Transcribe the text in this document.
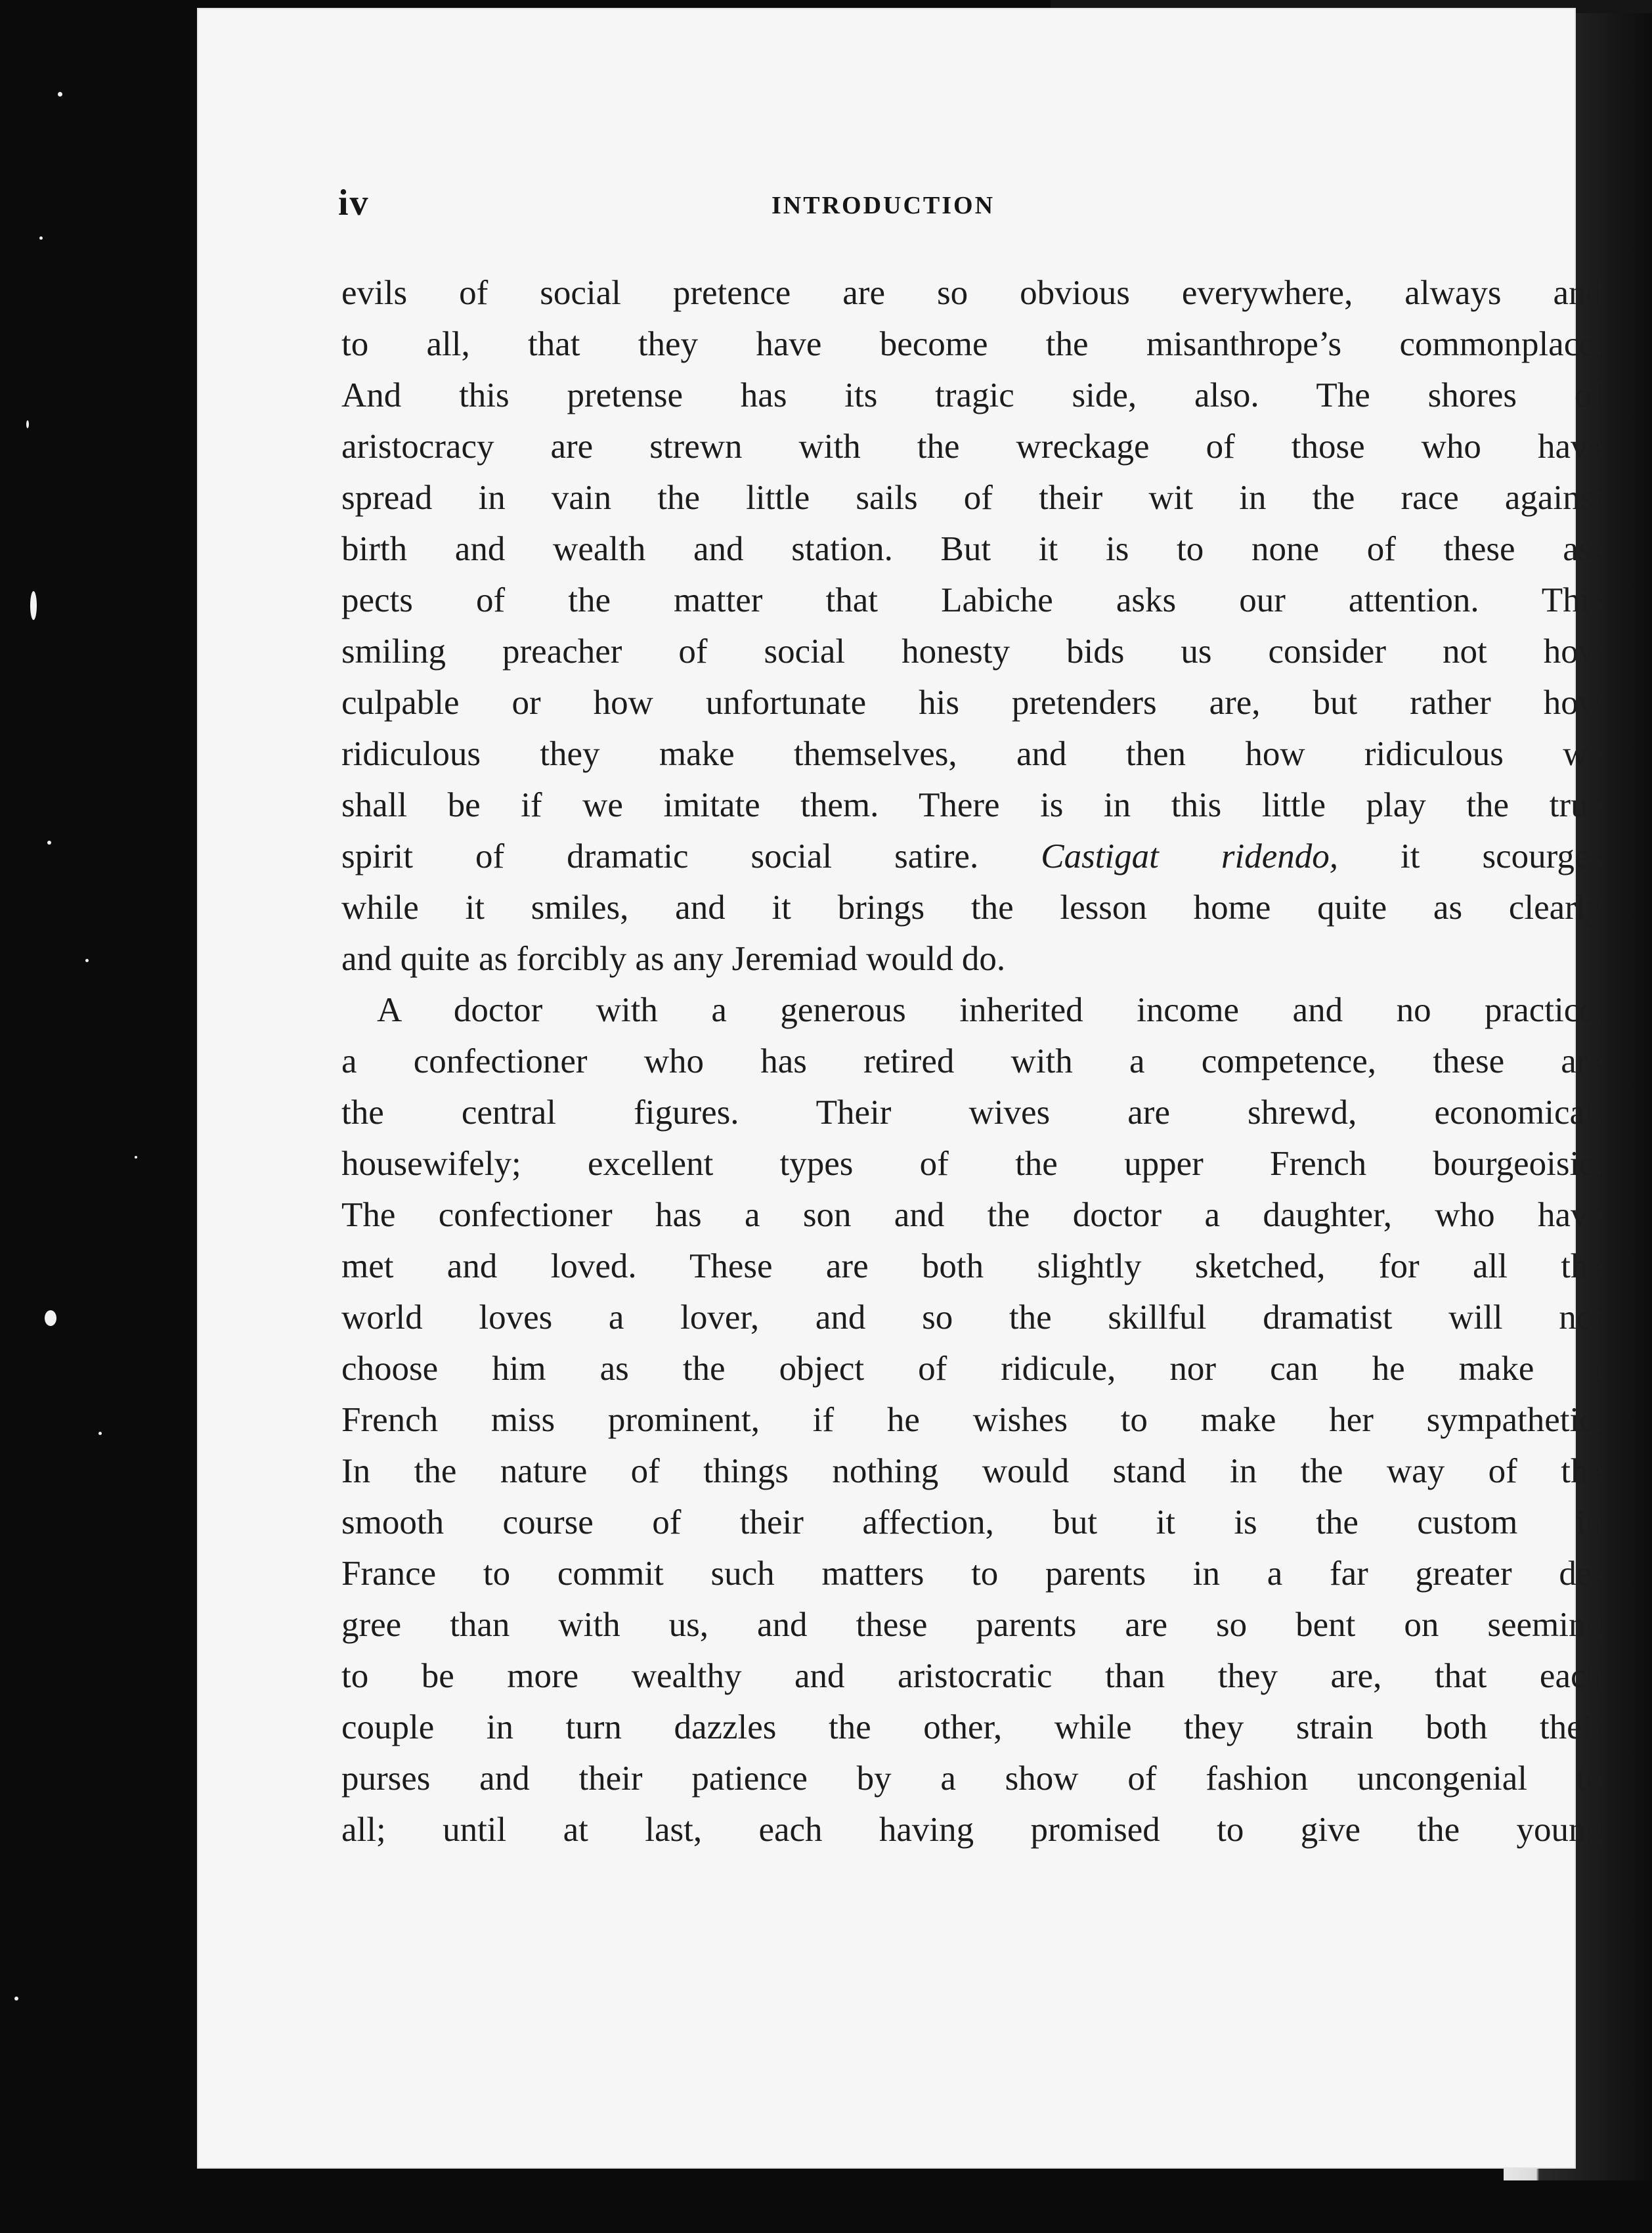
iv	INTRODUCTION
evils of social pretence are so obvious everywhere, always and
to all, that they have become the misanthrope’s commonplace.
And this pretense has its tragic side, also. The shores of
aristocracy are strewn with the wreckage of those who have
spread in vain the little sails of their wit in the race against
birth and wealth and station. But it is to none of these as-
pects of the matter that Labiche asks our attention. This
smiling preacher of social honesty bids us consider not how
culpable or how unfortunate his pretenders are, but rather how
ridiculous they make themselves, and then how ridiculous we
shall be if we imitate them. There is in this little play the true
spirit of dramatic social satire. Castigat ridendo, it scourges
while it smiles, and it brings the lesson home quite as clearly
and quite as forcibly as any Jeremiad would do.
A doctor with a generous inherited income and no practice,
a confectioner who has retired with a competence, these are
the central figures. Their wives are shrewd, economical,
housewifely; excellent types of the upper French bourgeoisie.
The confectioner has a son and the doctor a daughter, who have
met and loved. These are both slightly sketched, for all the
world loves a lover, and so the skillful dramatist will not
choose him as the object of ridicule, nor can he make a
French miss prominent, if he wishes to make her sympathetic.
In the nature of things nothing would stand in the way of the
smooth course of their affection, but it is the custom in
France to commit such matters to parents in a far greater de-
gree than with us, and these parents are so bent on seeming
to be more wealthy and aristocratic than they are, that each
couple in turn dazzles the other, while they strain both their
purses and their patience by a show of fashion uncongenial to
all; until at last, each having promised to give the young
